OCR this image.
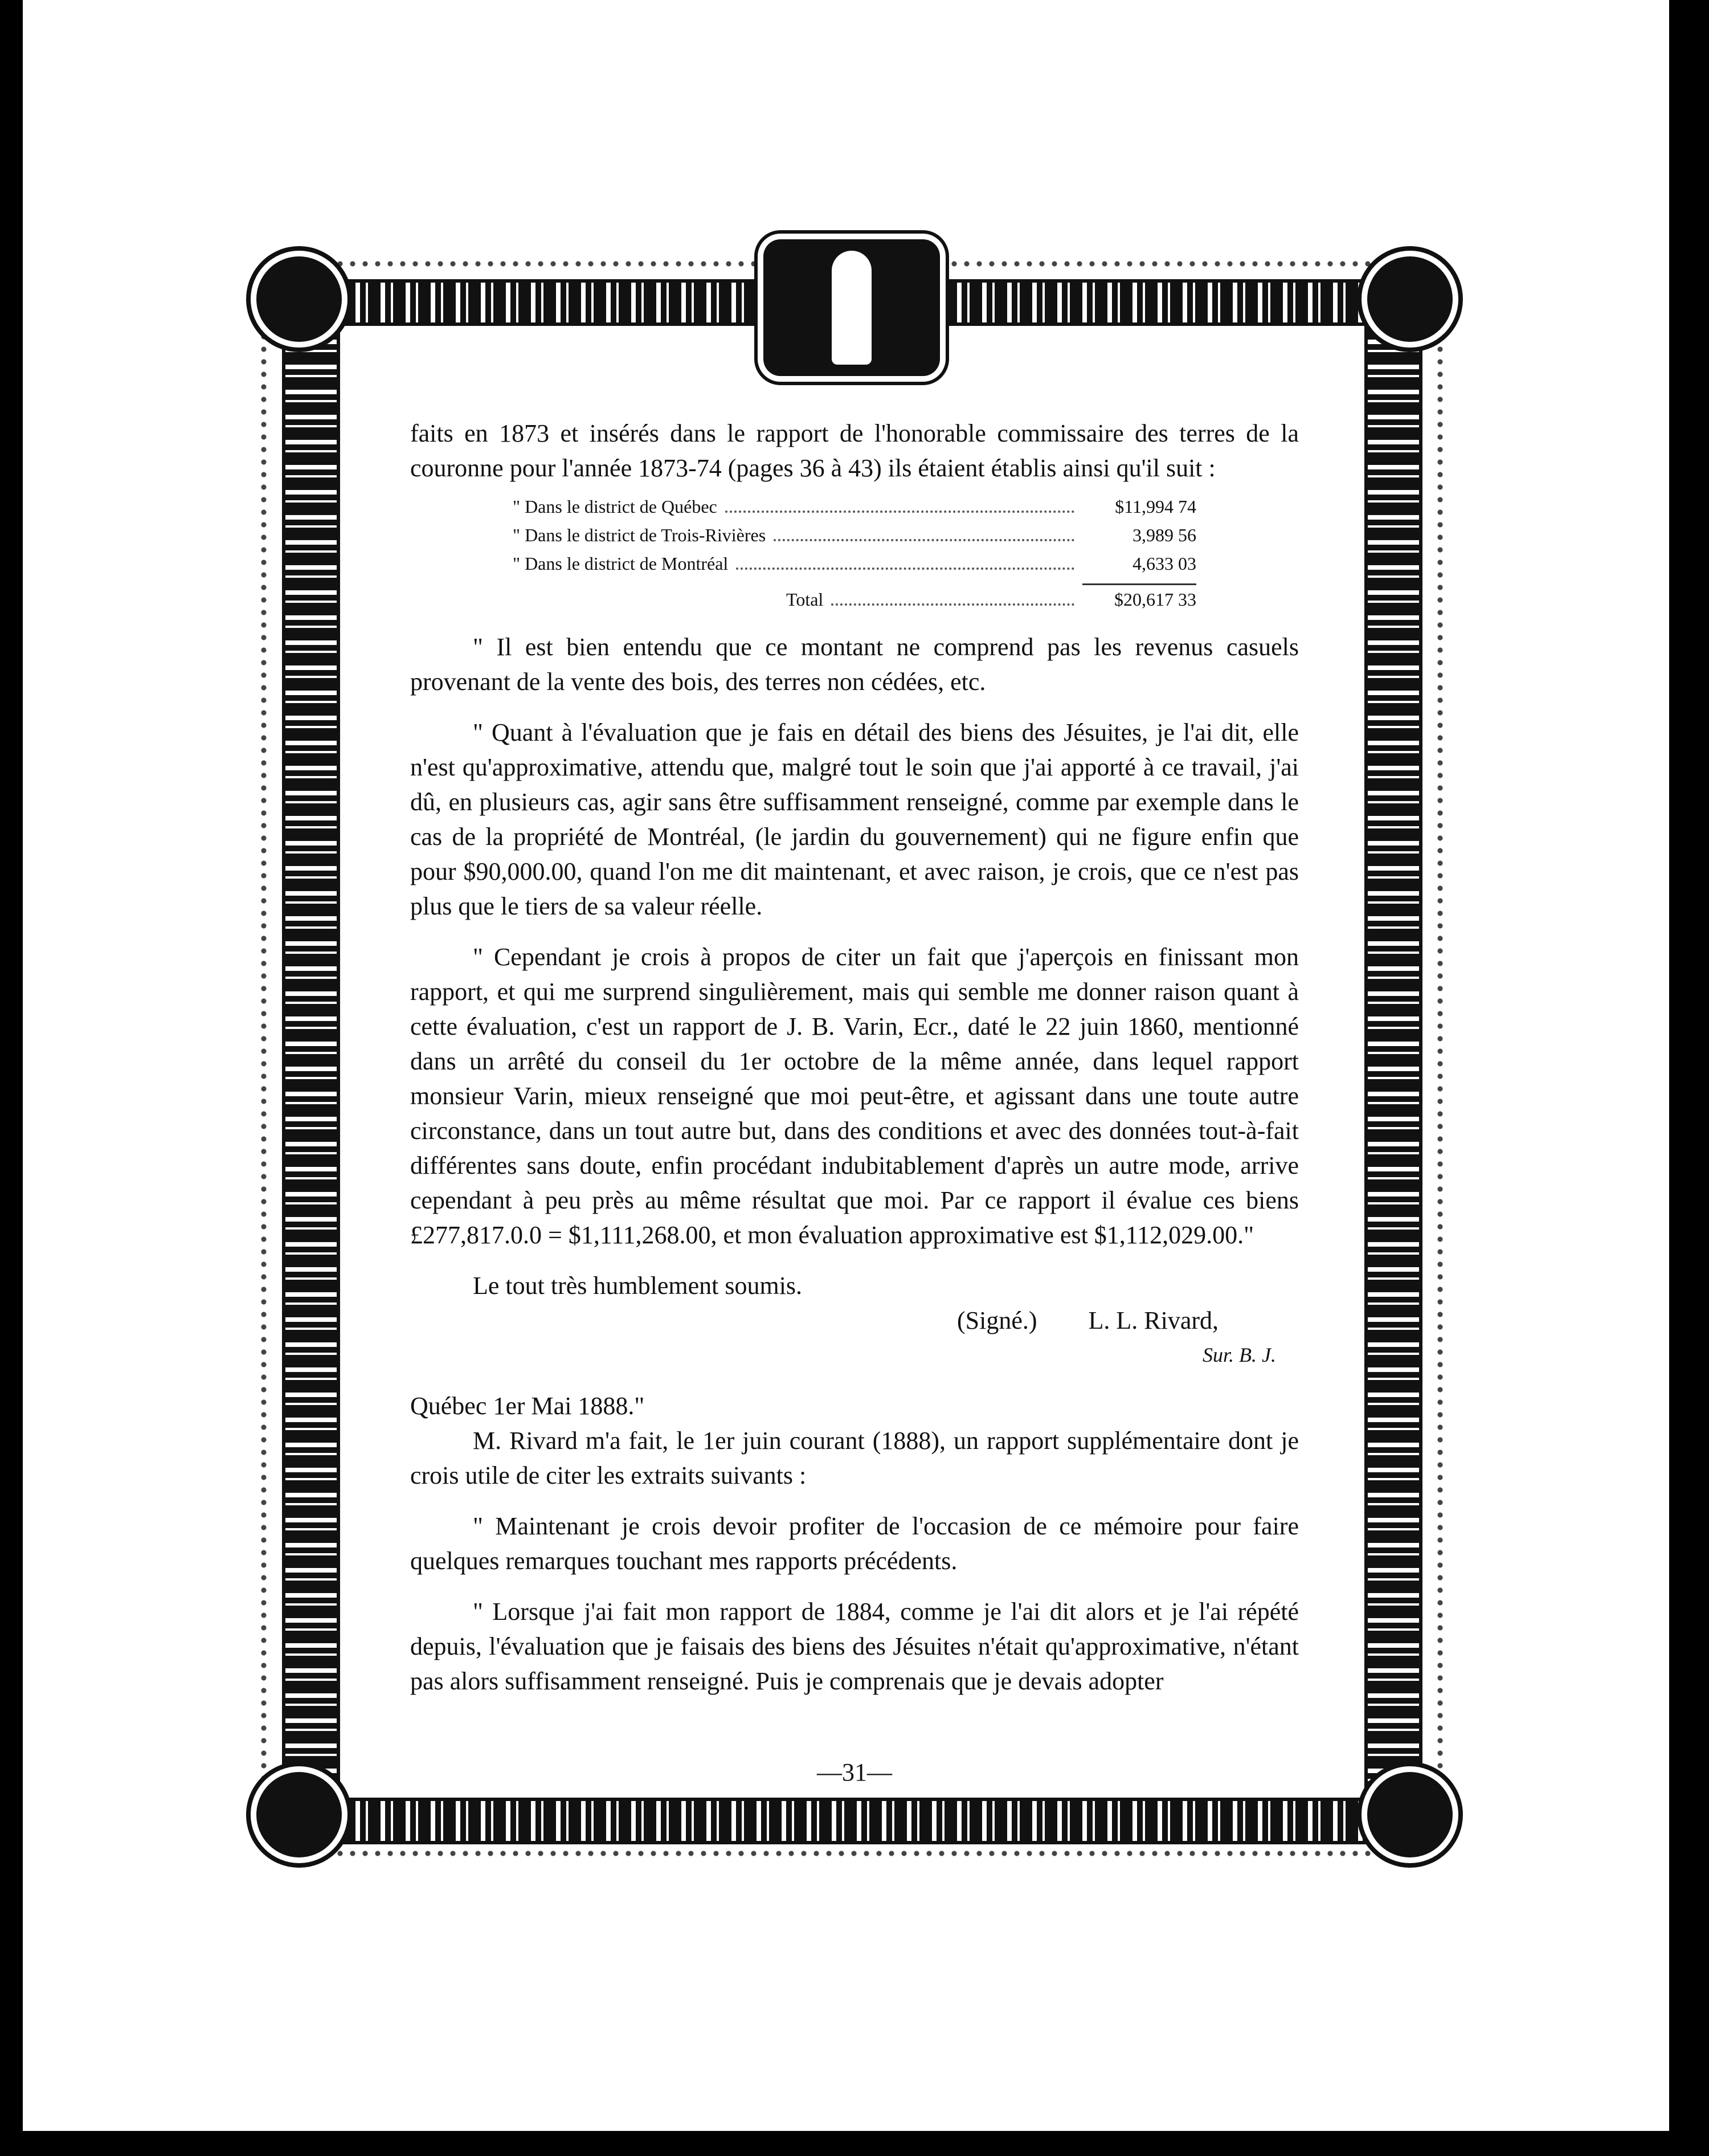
faits en 1873 et insérés dans le rapport de l'honorable commissaire des terres de la couronne pour l'année 1873-74 (pages 36 à 43) ils étaient établis ainsi qu'il suit :

" Dans le district de Québec	$11,994 74
" Dans le district de Trois-Rivières	3,989 56
" Dans le district de Montréal	4,633 03
Total	$20,617 33

" Il est bien entendu que ce montant ne comprend pas les revenus casuels provenant de la vente des bois, des terres non cédées, etc.

" Quant à l'évaluation que je fais en détail des biens des Jésuites, je l'ai dit, elle n'est qu'approximative, attendu que, malgré tout le soin que j'ai apporté à ce travail, j'ai dû, en plusieurs cas, agir sans être suffisamment renseigné, comme par exemple dans le cas de la propriété de Montréal, (le jardin du gouvernement) qui ne figure enfin que pour $90,000.00, quand l'on me dit maintenant, et avec raison, je crois, que ce n'est pas plus que le tiers de sa valeur réelle.

" Cependant je crois à propos de citer un fait que j'aperçois en finissant mon rapport, et qui me surprend singulièrement, mais qui semble me donner raison quant à cette évaluation, c'est un rapport de J. B. Varin, Ecr., daté le 22 juin 1860, mentionné dans un arrêté du conseil du 1er octobre de la même année, dans lequel rapport monsieur Varin, mieux renseigné que moi peut-être, et agissant dans une toute autre circonstance, dans un tout autre but, dans des conditions et avec des données tout-à-fait différentes sans doute, enfin procédant indubitablement d'après un autre mode, arrive cependant à peu près au même résultat que moi. Par ce rapport il évalue ces biens £277,817.0.0 = $1,111,268.00, et mon évaluation approximative est $1,112,029.00."

Le tout très humblement soumis.

(Signé.) L. L. Rivard,

Sur. B. J.

Québec 1er Mai 1888."

M. Rivard m'a fait, le 1er juin courant (1888), un rapport supplémentaire dont je crois utile de citer les extraits suivants :

" Maintenant je crois devoir profiter de l'occasion de ce mémoire pour faire quelques remarques touchant mes rapports précédents.

" Lorsque j'ai fait mon rapport de 1884, comme je l'ai dit alors et je l'ai répété depuis, l'évaluation que je faisais des biens des Jésuites n'était qu'approximative, n'étant pas alors suffisamment renseigné. Puis je comprenais que je devais adopter

—31—
